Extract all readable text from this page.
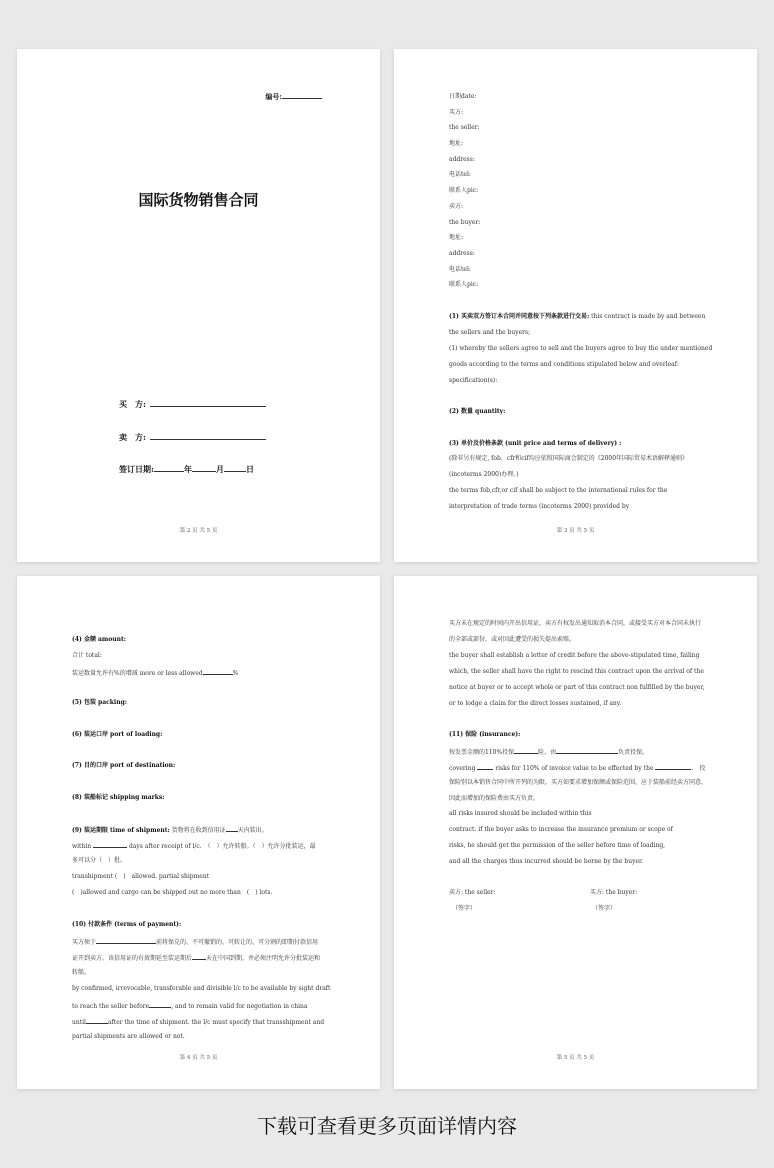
编号:
国际货物销售合同
买　方:
卖　方:
签订日期:	年	月	日
第 2 页 共 5 页
日期date:
买方:
the seller:
地址:
address:
电话tel:
联系人pic:
卖方:
the buyer:
地址:
address:
电话tel:
联系人pic:
(1) 买卖双方签订本合同并同意按下列条款进行交易: this contract is made by and between
the sellers and the buyers;
(1) whereby the sellers agree to sell and the buyers agree to buy the under mentioned
goods according to the terms and conditions stipulated below and overleaf:
specification(s):
(2) 数量 quantity:
(3) 单价及价格条款 (unit price and terms of delivery) :
(除非另有规定, fob、cfr和cif均应依照国际商会制定的《2000年国际贸易术语解释通则》
(incoterms 2000)办理。)
the terms fob,cfr,or cif shall be subject to the international rules for the
interpretation of trade terms (incoterms 2000) provided by
第 3 页 共 5 页
(4) 金额 amount:
合计 total:
装运数量允许有%的增减 more or less allowed	%
(5) 包装 packing:
(6) 装运口岸 port of loading:
(7) 目的口岸 port of destination:
(8) 装船标记 shipping marks:
(9) 装运期限 time of shipment: 货物将在收到信用证 天内装出。
within	days after receipt of l/c.　（　）允许转船。（　）允许分批装运，最
多可以分（　）批。
transhipment (　)　allowed. partial shipment
(　)allowed and cargo can be shipped out no more than　(　) lots.
(10) 付款条件 (terms of payment):
买方须于	前将保兑的、不可撤销的、可转让的、可分割的即期付款信用
证开到卖方。该信用证的有效期延至装运期后 天在中国到期，并必须注明允许分批装运和
转船。
by confirmed, irrevocable, transferable and divisible l/c to be available by sight draft
to reach the seller before	, and to remain valid for negotiation in china
until	after the time of shipment. the l/c must specify that transshipment and
partial shipments are allowed or not.
第 4 页 共 5 页
买方未在规定的时间内开出信用证，卖方有权发出通知取消本合同，或接受买方对本合同未执行
的全部或部份，或对因此遭受的损失提出索赔。
the buyer shall establish a letter of credit before the above-stipulated time, failing
which, the seller shall have the right to rescind this contract upon the arrival of the
notice at buyer or to accept whole or part of this contract non fulfilled by the buyer,
or to lodge a claim for the direct losses sustained, if any.
(11) 保险 (insurance):
按发票金额的110%投保	险，由	负责投保。
covering	risks for 110% of invoice value to be effected by the	.　投
保险别以本销售合同中所开列的为限，买方如要求增加保额或保险范围，应于装船前经卖方同意，
因此而增加的保险费由买方负责。
all risks insured should be included within this
contract. if the buyer asks to increase the insurance premium or scope of
risks, he should get the permission of the seller before time of loading,
and all the charges thus incurred should be borne by the buyer.
卖方: the seller:	买方: the buyer:
（签字）	（签字）
第 5 页 共 5 页
下载可查看更多页面详情内容
